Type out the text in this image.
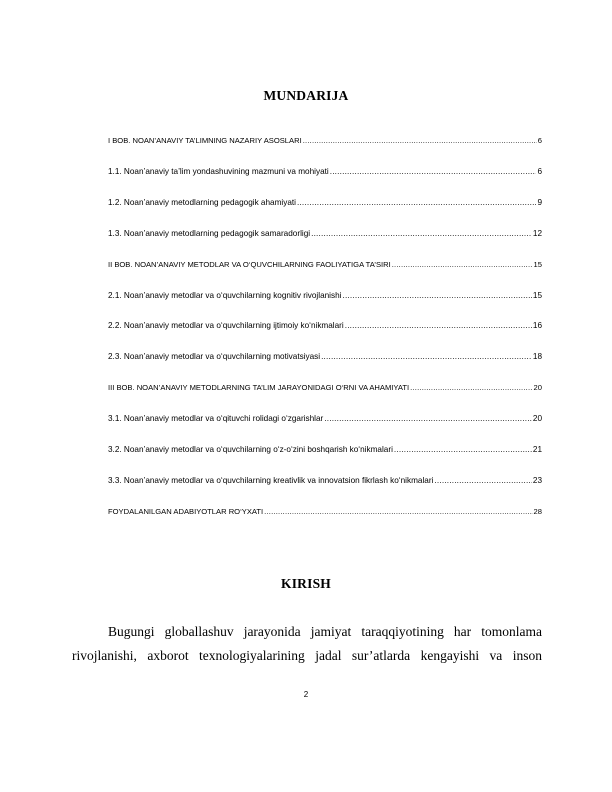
MUNDARIJA
I BOB. NOAN’ANAVIY TA’LIMNING NAZARIY ASOSLARI .....	6
1.1. Noan’anaviy ta’lim yondashuvining mazmuni va mohiyati .....	6
1.2. Noan’anaviy metodlarning pedagogik ahamiyati .....	9
1.3. Noan’anaviy metodlarning pedagogik samaradorligi .....	12
II BOB. NOAN’ANAVIY METODLAR VA O‘QUVCHILARNING FAOLIYATIGA TA’SIRI .....	15
2.1. Noan’anaviy metodlar va o‘quvchilarning kognitiv rivojlanishi .....	15
2.2. Noan’anaviy metodlar va o‘quvchilarning ijtimoiy ko‘nikmalari .....	16
2.3. Noan’anaviy metodlar va o‘quvchilarning motivatsiyasi .....	18
III BOB. NOAN’ANAVIY METODLARNING TA’LIM JARAYONIDAGI O‘RNI VA AHAMIYATI .....	20
3.1. Noan’anaviy metodlar va o‘qituvchi rolidagi o‘zgarishlar .....	20
3.2. Noan’anaviy metodlar va o‘quvchilarning o‘z-o‘zini boshqarish ko‘nikmalari .....	21
3.3. Noan’anaviy metodlar va o‘quvchilarning kreativlik va innovatsion fikrlash ko‘nikmalari .....	23
FOYDALANILGAN ADABIYOTLAR RO‘YXATI .....	28
KIRISH
Bugungi globallashuv jarayonida jamiyat taraqqiyotining har tomonlama
rivojlanishi, axborot texnologiyalarining jadal sur’atlarda kengayishi va inson
2
